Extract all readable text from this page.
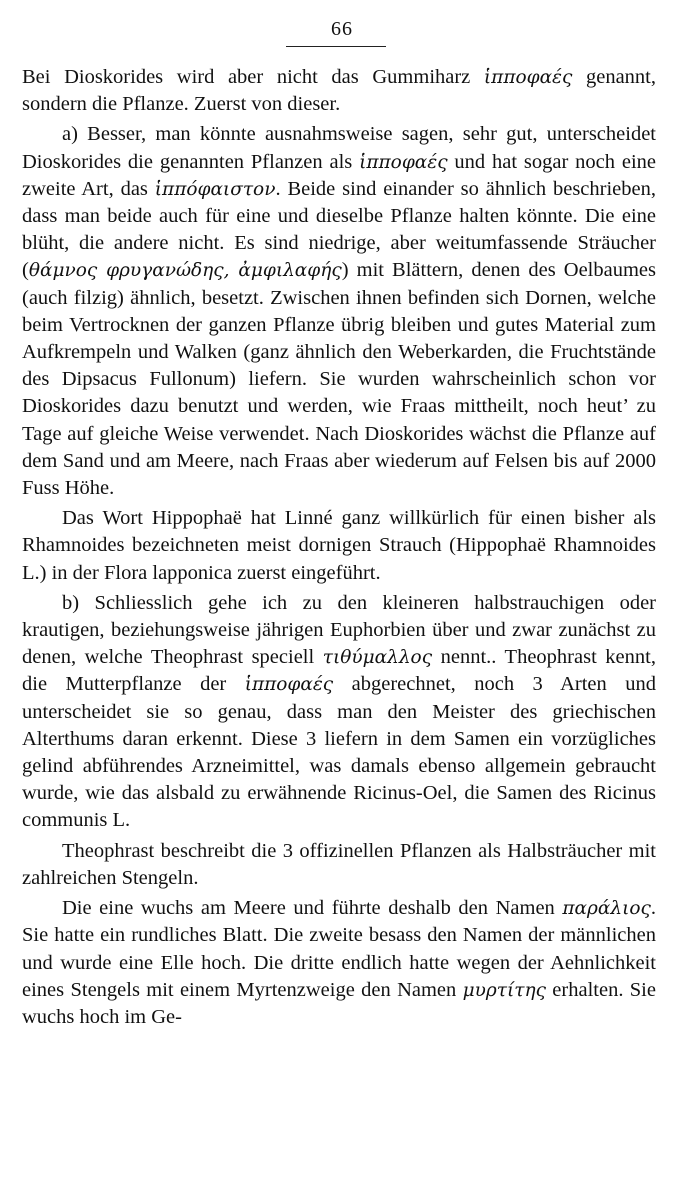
66

Bei Dioskorides wird aber nicht das Gummiharz ἱπποφαές genannt, sondern die Pflanze. Zuerst von dieser.

a) Besser, man könnte ausnahmsweise sagen, sehr gut, unterscheidet Dioskorides die genannten Pflanzen als ἱπποφαές und hat sogar noch eine zweite Art, das ἱππόφαιστον. Beide sind einander so ähnlich beschrieben, dass man beide auch für eine und dieselbe Pflanze halten könnte. Die eine blüht, die andere nicht. Es sind niedrige, aber weitumfassende Sträucher (θάμνος φρυγανώδης, ἀμφιλαφής) mit Blättern, denen des Oelbaumes (auch filzig) ähnlich, besetzt. Zwischen ihnen befinden sich Dornen, welche beim Vertrocknen der ganzen Pflanze übrig bleiben und gutes Material zum Aufkrempeln und Walken (ganz ähnlich den Weberkarden, die Fruchtstände des Dipsacus Fullonum) liefern. Sie wurden wahrscheinlich schon vor Dioskorides dazu benutzt und werden, wie Fraas mittheilt, noch heut’ zu Tage auf gleiche Weise verwendet. Nach Dioskorides wächst die Pflanze auf dem Sand und am Meere, nach Fraas aber wiederum auf Felsen bis auf 2000 Fuss Höhe.

Das Wort Hippophaë hat Linné ganz willkürlich für einen bisher als Rhamnoides bezeichneten meist dornigen Strauch (Hippophaë Rhamnoides L.) in der Flora lapponica zuerst eingeführt.

b) Schliesslich gehe ich zu den kleineren halbstrauchigen oder krautigen, beziehungsweise jährigen Euphorbien über und zwar zunächst zu denen, welche Theophrast speciell τιθύμαλλος nennt.. Theophrast kennt, die Mutterpflanze der ἱπποφαές abgerechnet, noch 3 Arten und unterscheidet sie so genau, dass man den Meister des griechischen Alterthums daran erkennt. Diese 3 liefern in dem Samen ein vorzügliches gelind abführendes Arzneimittel, was damals ebenso allgemein gebraucht wurde, wie das alsbald zu erwähnende Ricinus-Oel, die Samen des Ricinus communis L.

Theophrast beschreibt die 3 offizinellen Pflanzen als Halbsträucher mit zahlreichen Stengeln.

Die eine wuchs am Meere und führte deshalb den Namen παράλιος. Sie hatte ein rundliches Blatt. Die zweite besass den Namen der männlichen und wurde eine Elle hoch. Die dritte endlich hatte wegen der Aehnlichkeit eines Stengels mit einem Myrtenzweige den Namen μυρτίτης erhalten. Sie wuchs hoch im Ge-
